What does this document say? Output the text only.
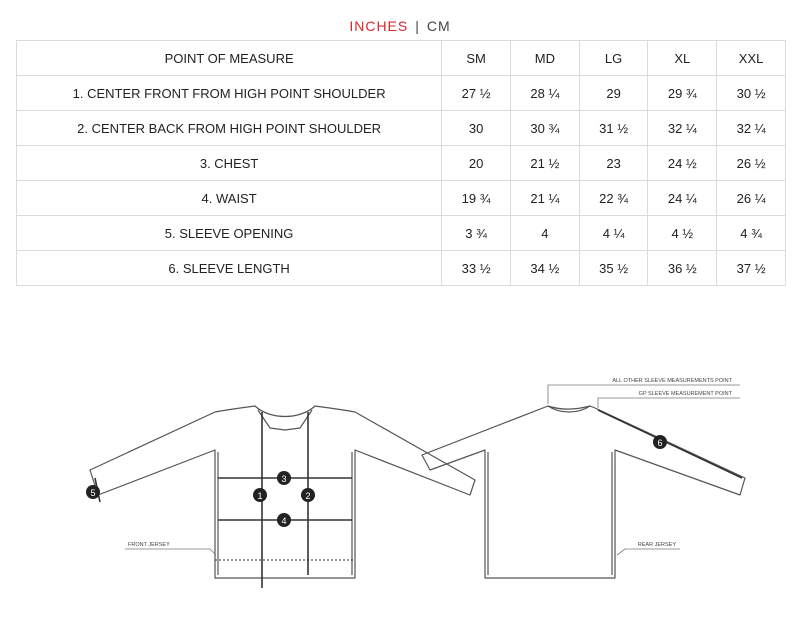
INCHES | CM
POINT OF MEASURE	SM	MD	LG	XL	XXL
1. CENTER FRONT FROM HIGH POINT SHOULDER	27 ½	28 ¼	29	29 ¾	30 ½
2. CENTER BACK FROM HIGH POINT SHOULDER	30	30 ¾	31 ½	32 ¼	32 ¼
3. CHEST	20	21 ½	23	24 ½	26 ½
4. WAIST	19 ¾	21 ¼	22 ¾	24 ¼	26 ¼
5. SLEEVE OPENING	3 ¾	4	4 ¼	4 ½	4 ¾
6. SLEEVE LENGTH	33 ½	34 ½	35 ½	36 ½	37 ½
1	2
3
4
5
6
ALL OTHER SLEEVE MEASUREMENTS POINT
GP SLEEVE MEASUREMENT POINT
FRONT JERSEY	REAR JERSEY
